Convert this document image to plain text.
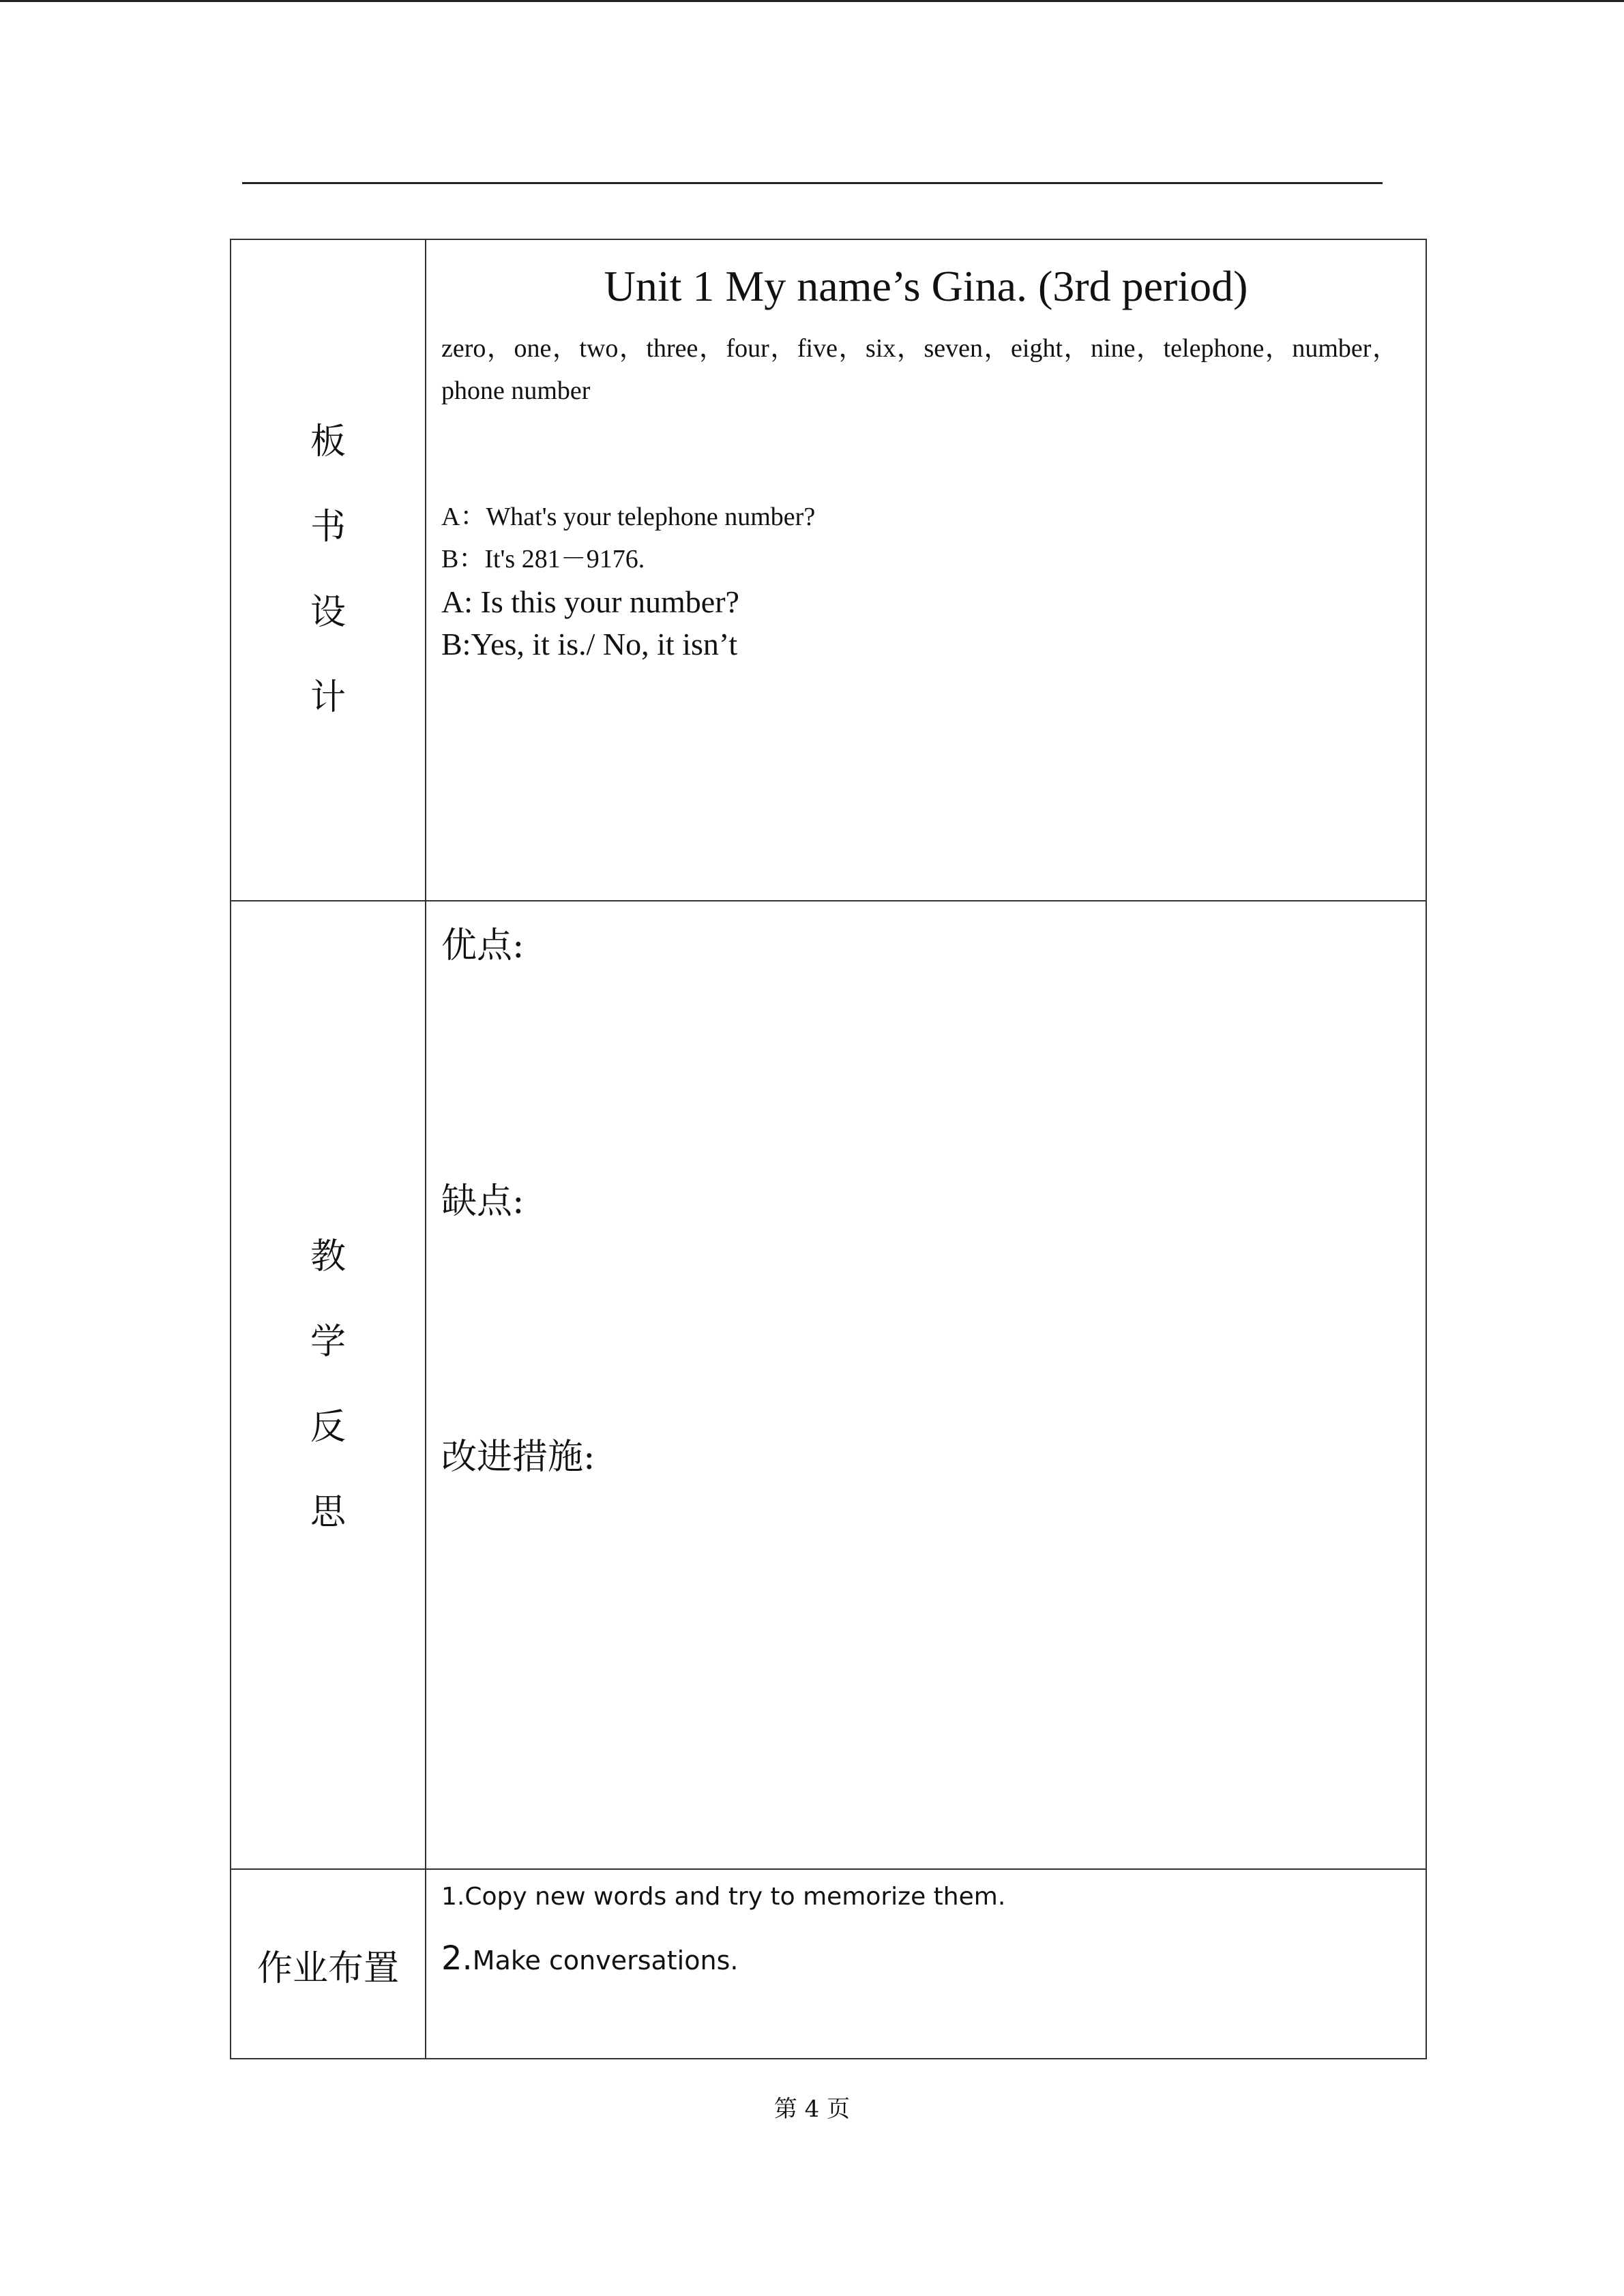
板
书
设
计
Unit 1 My name’s Gina. (3rd period)
zero，one，two，three，four，five，six，seven，eight，nine，telephone，number，phone number
A：What's your telephone number?
B：It's 281－9176.
A: Is this your number?
B:Yes, it is./ No, it isn’t
教
学
反
思
优点:
缺点:
改进措施:
作业布置
1.Copy new words and try to memorize them.
2.Make conversations.
第 4 页
